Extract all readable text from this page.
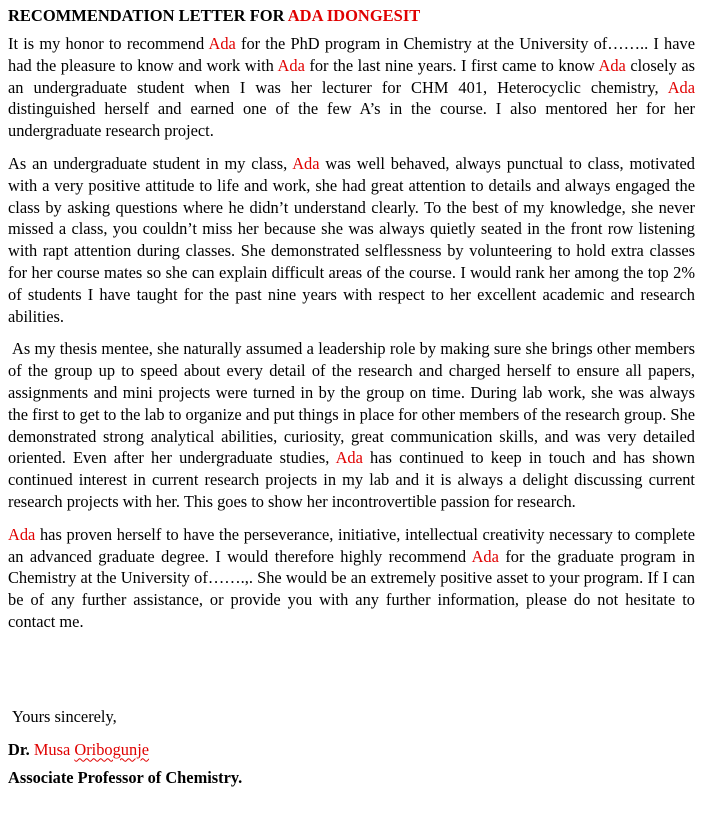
RECOMMENDATION LETTER FOR ADA IDONGESIT

It is my honor to recommend Ada for the PhD program in Chemistry at the University of…….. I have had the pleasure to know and work with Ada for the last nine years. I first came to know Ada closely as an undergraduate student when I was her lecturer for CHM 401, Heterocyclic chemistry, Ada distinguished herself and earned one of the few A’s in the course. I also mentored her for her undergraduate research project.

As an undergraduate student in my class, Ada was well behaved, always punctual to class, motivated with a very positive attitude to life and work, she had great attention to details and always engaged the class by asking questions where he didn’t understand clearly. To the best of my knowledge, she never missed a class, you couldn’t miss her because she was always quietly seated in the front row listening with rapt attention during classes. She demonstrated selflessness by volunteering to hold extra classes for her course mates so she can explain difficult areas of the course. I would rank her among the top 2% of students I have taught for the past nine years with respect to her excellent academic and research abilities.

As my thesis mentee, she naturally assumed a leadership role by making sure she brings other members of the group up to speed about every detail of the research and charged herself to ensure all papers, assignments and mini projects were turned in by the group on time. During lab work, she was always the first to get to the lab to organize and put things in place for other members of the research group. She demonstrated strong analytical abilities, curiosity, great communication skills, and was very detailed oriented. Even after her undergraduate studies, Ada has continued to keep in touch and has shown continued interest in current research projects in my lab and it is always a delight discussing current research projects with her. This goes to show her incontrovertible passion for research.

Ada has proven herself to have the perseverance, initiative, intellectual creativity necessary to complete an advanced graduate degree. I would therefore highly recommend Ada for the graduate program in Chemistry at the University of…….,. She would be an extremely positive asset to your program. If I can be of any further assistance, or provide you with any further information, please do not hesitate to contact me.

Yours sincerely,

Dr. Musa Oribogunje

Associate Professor of Chemistry.
